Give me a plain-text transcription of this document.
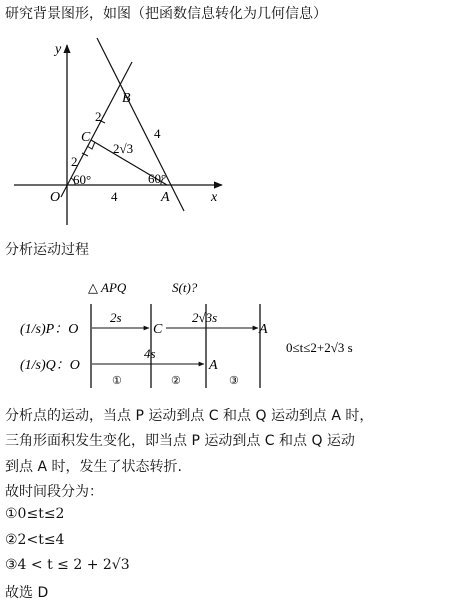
研究背景图形，如图（把函数信息转化为几何信息）
y
x
B
C
O	A
2
2
2√3
4
4
60°	60°
分析运动过程
△ APQ	S(t)?
(1/s)P：O
2s
C
2√3s
A
(1/s)Q：O
4s
A
①	②	③
0≤t≤2+2√3 s
分析点的运动，当点 P 运动到点 C 和点 Q 运动到点 A 时，
三角形面积发生变化，即当点 P 运动到点 C 和点 Q 运动
到点 A 时，发生了状态转折.
故时间段分为：
①0≤t≤2
②2<t≤4
③4 < t ≤ 2 + 2√3
故选 D
